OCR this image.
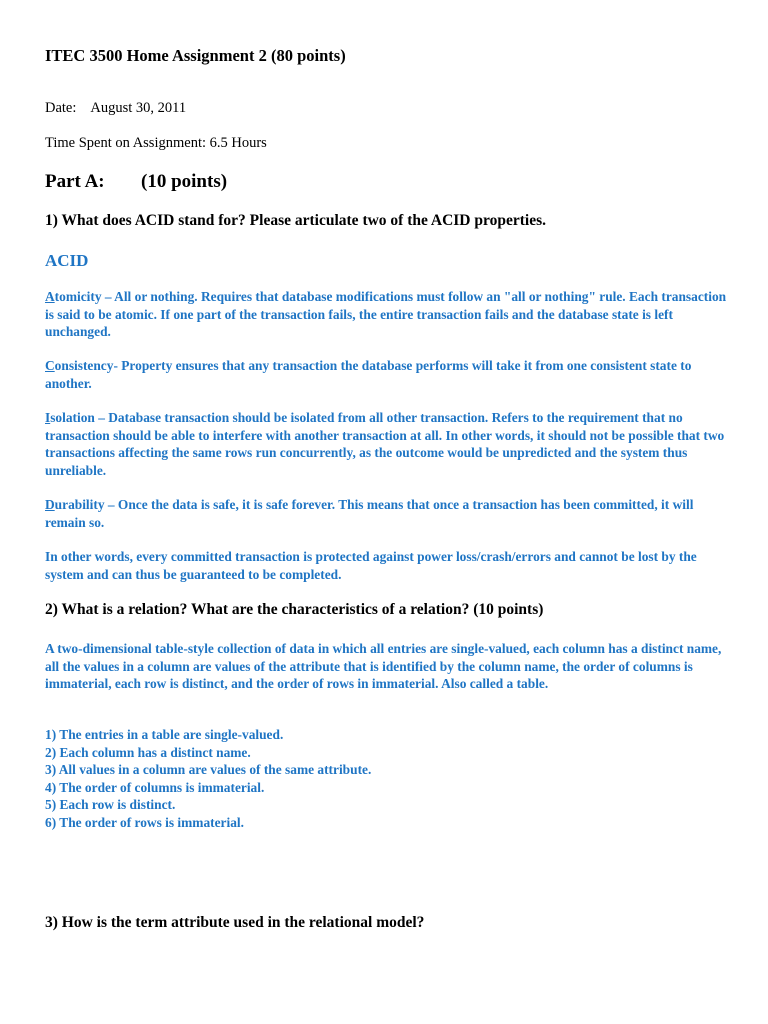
ITEC 3500 Home Assignment 2 (80 points)
Date: August 30, 2011
Time Spent on Assignment: 6.5 Hours
Part A: (10 points)
1) What does ACID stand for? Please articulate two of the ACID properties.
ACID

Atomicity – All or nothing. Requires that database modifications must follow an "all or nothing" rule. Each transaction is said to be atomic. If one part of the transaction fails, the entire transaction fails and the database state is left unchanged.

Consistency- Property ensures that any transaction the database performs will take it from one consistent state to another.

Isolation – Database transaction should be isolated from all other transaction. Refers to the requirement that no transaction should be able to interfere with another transaction at all. In other words, it should not be possible that two transactions affecting the same rows run concurrently, as the outcome would be unpredicted and the system thus unreliable.

Durability – Once the data is safe, it is safe forever. This means that once a transaction has been committed, it will remain so.

In other words, every committed transaction is protected against power loss/crash/errors and cannot be lost by the system and can thus be guaranteed to be completed.
2) What is a relation? What are the characteristics of a relation? (10 points)
A two-dimensional table-style collection of data in which all entries are single-valued, each column has a distinct name, all the values in a column are values of the attribute that is identified by the column name, the order of columns is immaterial, each row is distinct, and the order of rows in immaterial. Also called a table.
1) The entries in a table are single-valued.
2) Each column has a distinct name.
3) All values in a column are values of the same attribute.
4) The order of columns is immaterial.
5) Each row is distinct.
6) The order of rows is immaterial.
3) How is the term attribute used in the relational model?
